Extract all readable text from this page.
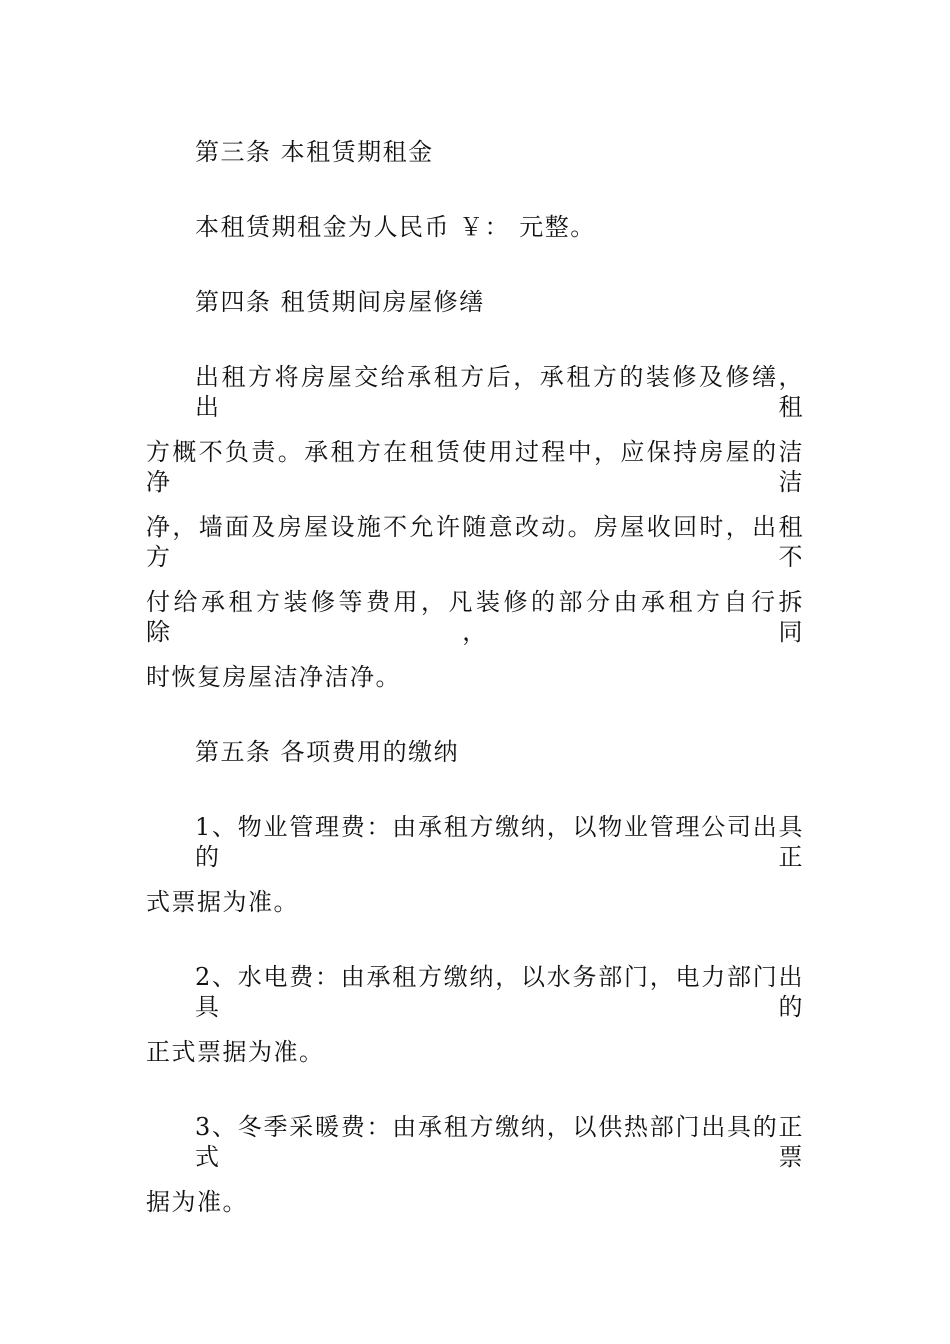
第三条 本租赁期租金
本租赁期租金为人民币 ￥： 元整。
第四条 租赁期间房屋修缮
出租方将房屋交给承租方后，承租方的装修及修缮，出租
方概不负责。承租方在租赁使用过程中，应保持房屋的洁净洁
净，墙面及房屋设施不允许随意改动。房屋收回时，出租方不
付给承租方装修等费用，凡装修的部分由承租方自行拆除，同
时恢复房屋洁净洁净。
第五条 各项费用的缴纳
1、物业管理费：由承租方缴纳，以物业管理公司出具的正
式票据为准。
2、水电费：由承租方缴纳，以水务部门，电力部门出具的
正式票据为准。
3、冬季采暖费：由承租方缴纳，以供热部门出具的正式票
据为准。
